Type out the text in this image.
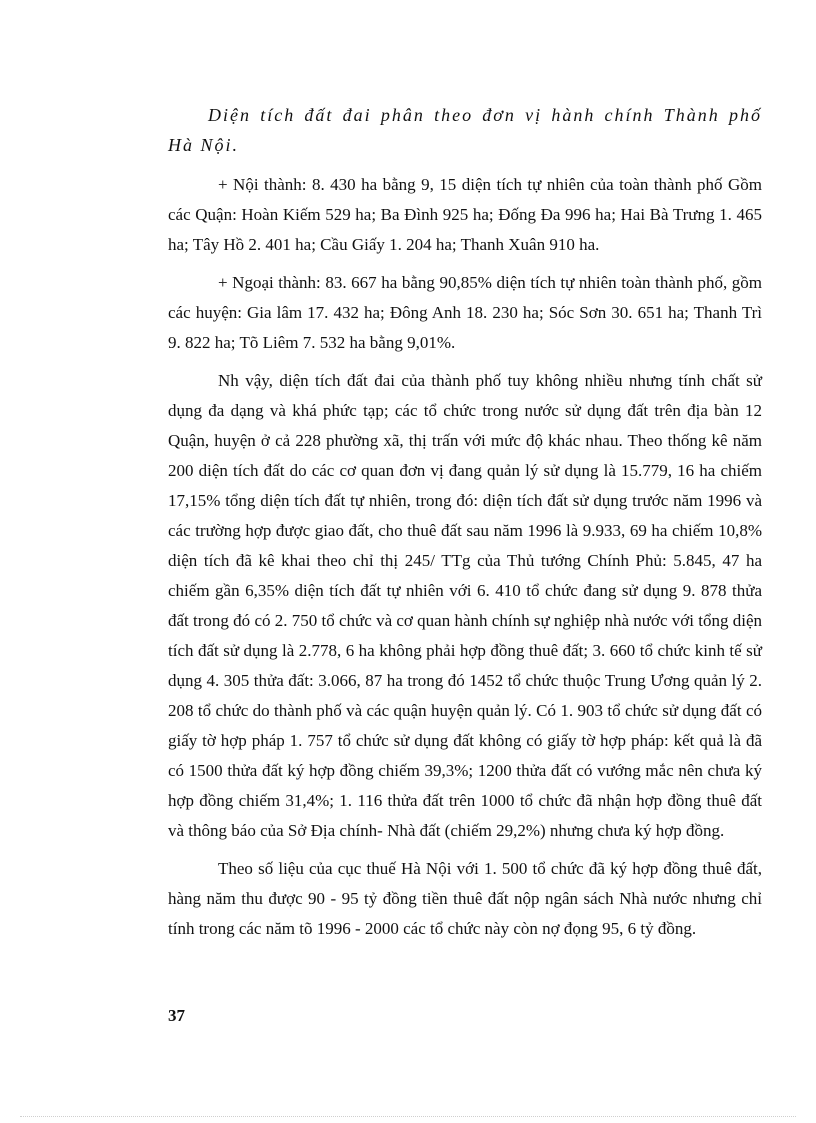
Diện tích đất đai phân theo đơn vị hành chính Thành phố Hà Nội.

+ Nội thành: 8. 430 ha bằng 9, 15 diện tích tự nhiên của toàn thành phố Gồm các Quận: Hoàn Kiếm 529 ha; Ba Đình 925 ha; Đống Đa 996 ha; Hai Bà Trưng 1. 465 ha; Tây Hồ 2. 401 ha; Cầu Giấy 1. 204 ha; Thanh Xuân 910 ha.

+ Ngoại thành: 83. 667 ha bằng 90,85% diện tích tự nhiên toàn thành phố, gồm các huyện: Gia lâm 17. 432 ha; Đông Anh 18. 230 ha; Sóc Sơn 30. 651 ha; Thanh Trì 9. 822 ha; Tõ Liêm 7. 532 ha bằng 9,01%.

Nh vậy, diện tích đất đai của thành phố tuy không nhiều nhưng tính chất sử dụng đa dạng và khá phức tạp; các tổ chức trong nước sử dụng đất trên địa bàn 12 Quận, huyện ở cả 228 phường xã, thị trấn với mức độ khác nhau. Theo thống kê năm 200 diện tích đất do các cơ quan đơn vị đang quản lý sử dụng là 15.779, 16 ha chiếm 17,15% tổng diện tích đất tự nhiên, trong đó: diện tích đất sử dụng trước năm 1996 và các trường hợp được giao đất, cho thuê đất sau năm 1996 là 9.933, 69 ha chiếm 10,8% diện tích đã kê khai theo chỉ thị 245/ TTg của Thủ tướng Chính Phủ: 5.845, 47 ha chiếm gần 6,35% diện tích đất tự nhiên với 6. 410 tổ chức đang sử dụng 9. 878 thửa đất trong đó có 2. 750 tổ chức và cơ quan hành chính sự nghiệp nhà nước với tổng diện tích đất sử dụng là 2.778, 6 ha không phải hợp đồng thuê đất; 3. 660 tổ chức kinh tế sử dụng 4. 305 thửa đất: 3.066, 87 ha trong đó 1452 tổ chức thuộc Trung Ương quản lý 2. 208 tổ chức do thành phố và các quận huyện quản lý. Có 1. 903 tổ chức sử dụng đất có giấy tờ hợp pháp 1. 757 tổ chức sử dụng đất không có giấy tờ hợp pháp: kết quả là đã có 1500 thửa đất ký hợp đồng chiếm 39,3%; 1200 thửa đất có vướng mắc nên chưa ký hợp đồng chiếm 31,4%; 1. 116 thửa đất trên 1000 tổ chức đã nhận hợp đồng thuê đất và thông báo của Sở Địa chính- Nhà đất (chiếm 29,2%) nhưng chưa ký hợp đồng.

Theo số liệu của cục thuế Hà Nội với 1. 500 tổ chức đã ký hợp đồng thuê đất, hàng năm thu được 90 - 95 tỷ đồng tiền thuê đất nộp ngân sách Nhà nước nhưng chỉ tính trong các năm tõ 1996 - 2000 các tổ chức này còn nợ đọng 95, 6 tỷ đồng.

37
